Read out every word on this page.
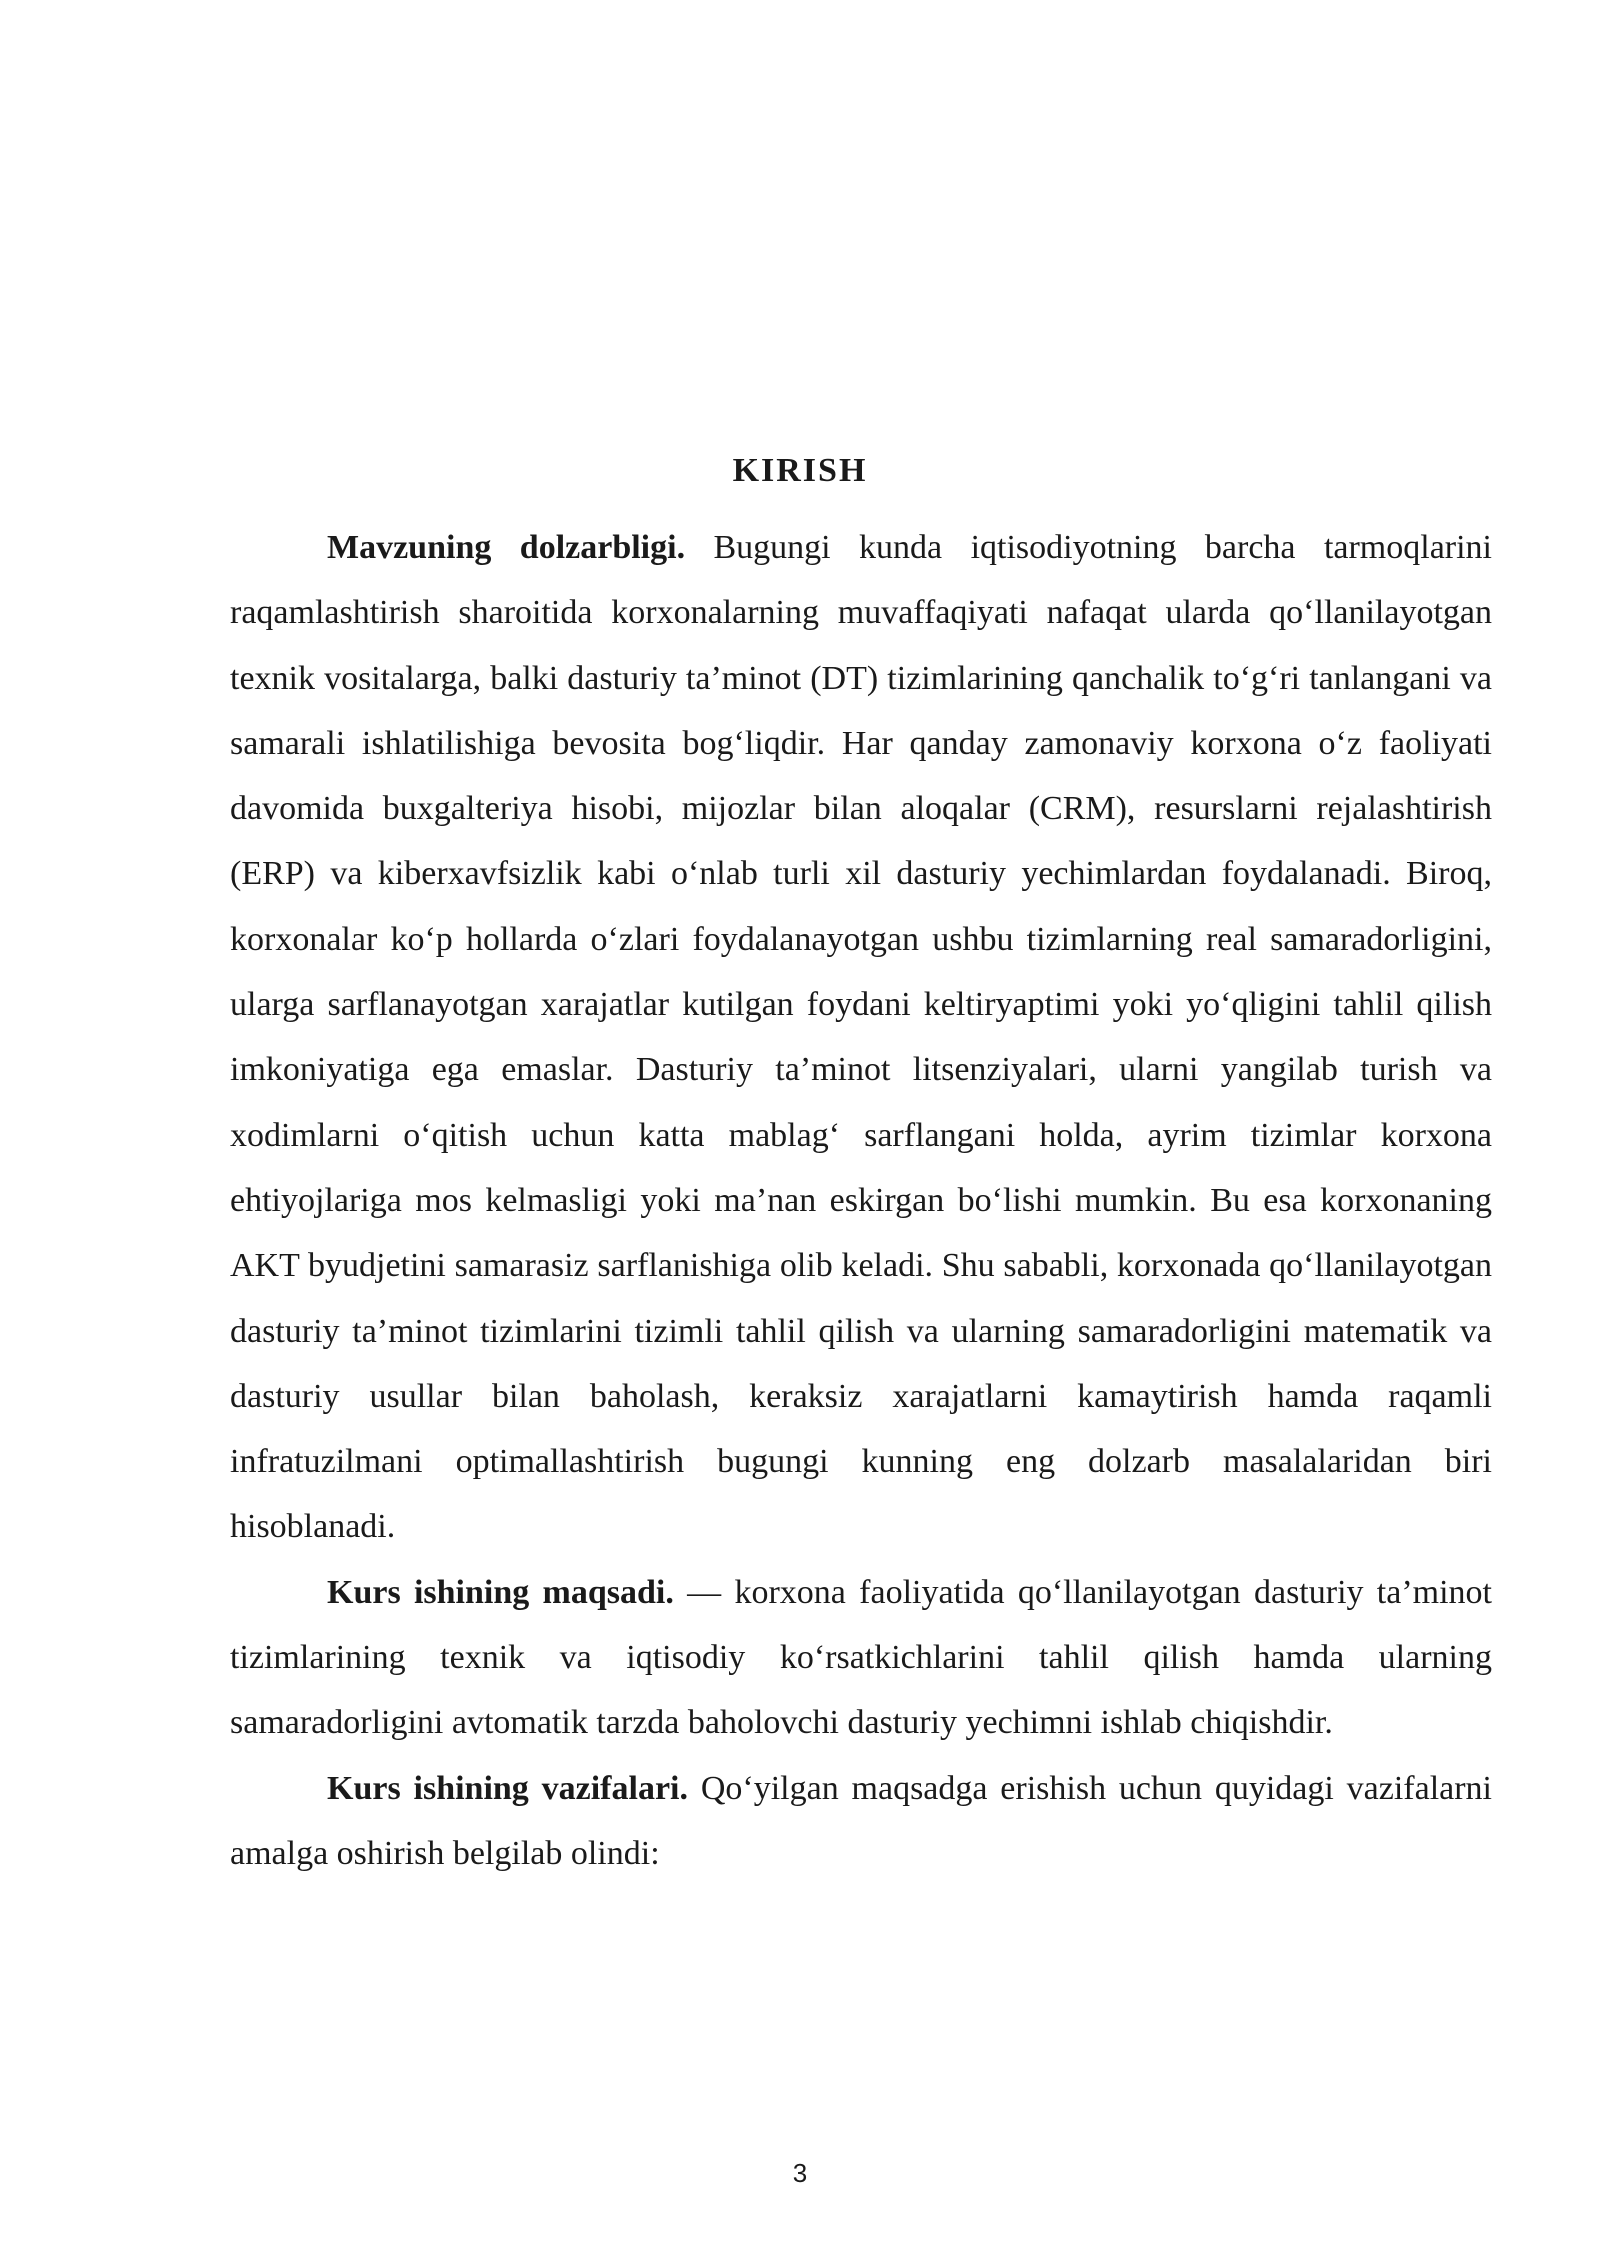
KIRISH

Mavzuning dolzarbligi. Bugungi kunda iqtisodiyotning barcha tarmoqlarini raqamlashtirish sharoitida korxonalarning muvaffaqiyati nafaqat ularda qo‘llanilayotgan texnik vositalarga, balki dasturiy ta’minot (DT) tizimlarining qanchalik to‘g‘ri tanlangani va samarali ishlatilishiga bevosita bog‘liqdir. Har qanday zamonaviy korxona o‘z faoliyati davomida buxgalteriya hisobi, mijozlar bilan aloqalar (CRM), resurslarni rejalashtirish (ERP) va kiberxavfsizlik kabi o‘nlab turli xil dasturiy yechimlardan foydalanadi. Biroq, korxonalar ko‘p hollarda o‘zlari foydalanayotgan ushbu tizimlarning real samaradorligini, ularga sarflanayotgan xarajatlar kutilgan foydani keltiryaptimi yoki yo‘qligini tahlil qilish imkoniyatiga ega emaslar. Dasturiy ta’minot litsenziyalari, ularni yangilab turish va xodimlarni o‘qitish uchun katta mablag‘ sarflangani holda, ayrim tizimlar korxona ehtiyojlariga mos kelmasligi yoki ma’nan eskirgan bo‘lishi mumkin. Bu esa korxonaning AKT byudjetini samarasiz sarflanishiga olib keladi. Shu sababli, korxonada qo‘llanilayotgan dasturiy ta’minot tizimlarini tizimli tahlil qilish va ularning samaradorligini matematik va dasturiy usullar bilan baholash, keraksiz xarajatlarni kamaytirish hamda raqamli infratuzilmani optimallashtirish bugungi kunning eng dolzarb masalalaridan biri hisoblanadi.

Kurs ishining maqsadi. — korxona faoliyatida qo‘llanilayotgan dasturiy ta’minot tizimlarining texnik va iqtisodiy ko‘rsatkichlarini tahlil qilish hamda ularning samaradorligini avtomatik tarzda baholovchi dasturiy yechimni ishlab chiqishdir.

Kurs ishining vazifalari. Qo‘yilgan maqsadga erishish uchun quyidagi vazifalarni amalga oshirish belgilab olindi:

3
